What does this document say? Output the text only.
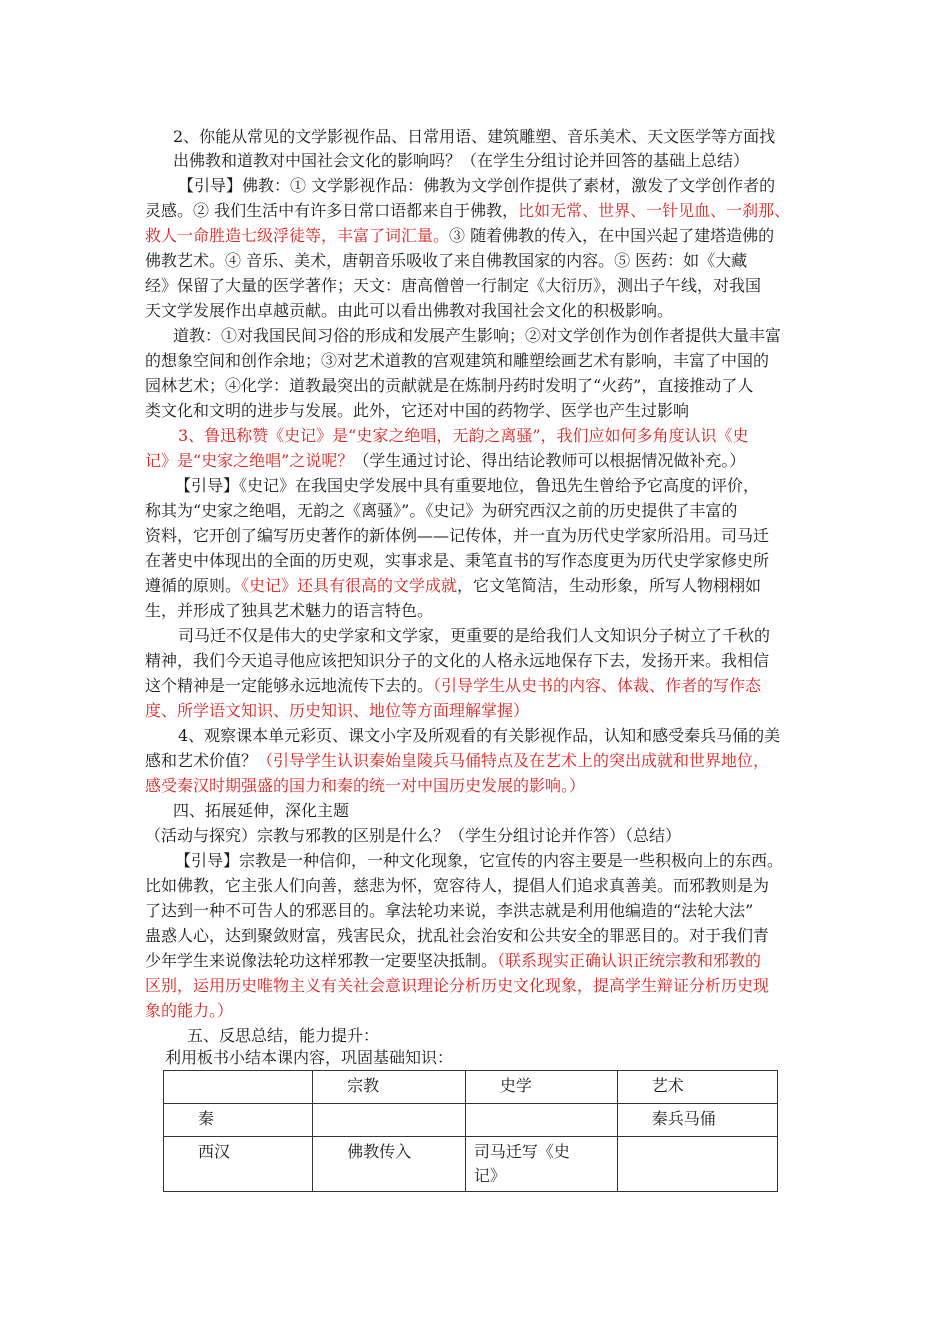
2、你能从常见的文学影视作品、日常用语、建筑雕塑、音乐美术、天文医学等方面找
出佛教和道教对中国社会文化的影响吗？（在学生分组讨论并回答的基础上总结）
【引导】佛教：① 文学影视作品：佛教为文学创作提供了素材，激发了文学创作者的
灵感。② 我们生活中有许多日常口语都来自于佛教，比如无常、世界、一针见血、一刹那、
救人一命胜造七级浮徒等，丰富了词汇量。③ 随着佛教的传入，在中国兴起了建塔造佛的
佛教艺术。④ 音乐、美术，唐朝音乐吸收了来自佛教国家的内容。⑤ 医药：如《大藏
经》保留了大量的医学著作；天文：唐高僧曾一行制定《大衍历》，测出子午线，对我国
天文学发展作出卓越贡献。由此可以看出佛教对我国社会文化的积极影响。
道教：①对我国民间习俗的形成和发展产生影响；②对文学创作为创作者提供大量丰富
的想象空间和创作余地；③对艺术道教的宫观建筑和雕塑绘画艺术有影响，丰富了中国的
园林艺术；④化学：道教最突出的贡献就是在炼制丹药时发明了“火药”，直接推动了人
类文化和文明的进步与发展。此外，它还对中国的药物学、医学也产生过影响
3、鲁迅称赞《史记》是“史家之绝唱，无韵之离骚”，我们应如何多角度认识《史
记》是“史家之绝唱”之说呢？（学生通过讨论、得出结论教师可以根据情况做补充。）
【引导】《史记》在我国史学发展中具有重要地位，鲁迅先生曾给予它高度的评价，
称其为“史家之绝唱，无韵之《离骚》”。《史记》为研究西汉之前的历史提供了丰富的
资料，它开创了编写历史著作的新体例——记传体，并一直为历代史学家所沿用。司马迁
在著史中体现出的全面的历史观，实事求是、秉笔直书的写作态度更为历代史学家修史所
遵循的原则。《史记》还具有很高的文学成就，它文笔简洁，生动形象，所写人物栩栩如
生，并形成了独具艺术魅力的语言特色。
司马迁不仅是伟大的史学家和文学家，更重要的是给我们人文知识分子树立了千秋的
精神，我们今天追寻他应该把知识分子的文化的人格永远地保存下去，发扬开来。我相信
这个精神是一定能够永远地流传下去的。（引导学生从史书的内容、体裁、作者的写作态
度、所学语文知识、历史知识、地位等方面理解掌握）
4、观察课本单元彩页、课文小字及所观看的有关影视作品，认知和感受秦兵马俑的美
感和艺术价值？（引导学生认识秦始皇陵兵马俑特点及在艺术上的突出成就和世界地位，
感受秦汉时期强盛的国力和秦的统一对中国历史发展的影响。）
四、拓展延伸，深化主题
（活动与探究）宗教与邪教的区别是什么？（学生分组讨论并作答）（总结）
【引导】宗教是一种信仰，一种文化现象，它宣传的内容主要是一些积极向上的东西。
比如佛教，它主张人们向善，慈悲为怀，宽容待人，提倡人们追求真善美。而邪教则是为
了达到一种不可告人的邪恶目的。拿法轮功来说，李洪志就是利用他编造的“法轮大法”
蛊惑人心，达到聚敛财富，残害民众，扰乱社会治安和公共安全的罪恶目的。对于我们青
少年学生来说像法轮功这样邪教一定要坚决抵制。（联系现实正确认识正统宗教和邪教的
区别，运用历史唯物主义有关社会意识理论分析历史文化现象，提高学生辩证分析历史现
象的能力。）
五、反思总结，能力提升：
利用板书小结本课内容，巩固基础知识：
	宗教	史学	艺术
秦			秦兵马俑
西汉	佛教传入	司马迁写《史
记》	
